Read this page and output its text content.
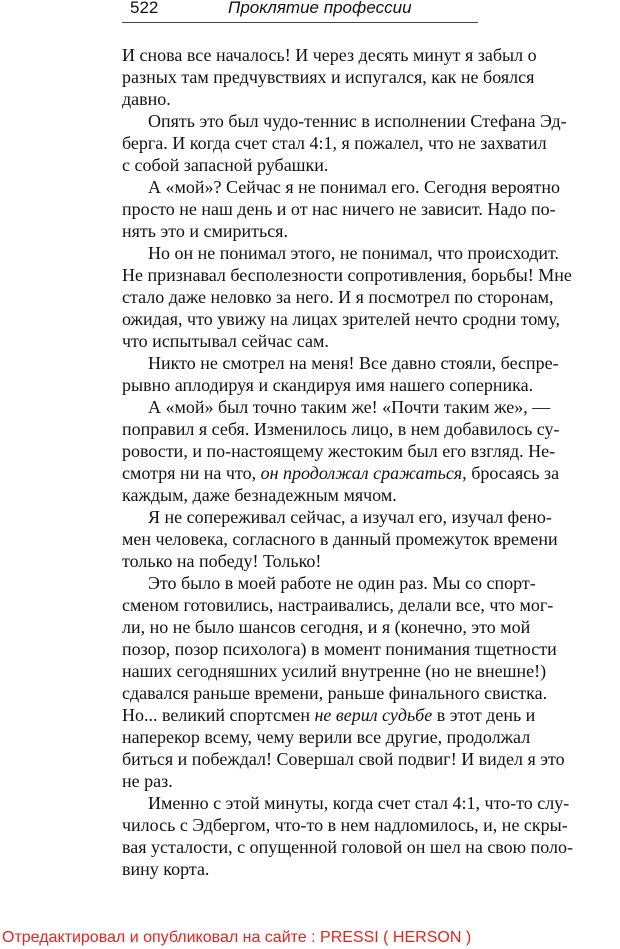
522	Проклятие профессии
И снова все началось! И через десять минут я забыл о
разных там предчувствиях и испугался, как не боялся
давно.
Опять это был чудо-теннис в исполнении Стефана Эд-
берга. И когда счет стал 4:1, я пожалел, что не захватил
с собой запасной рубашки.
А «мой»? Сейчас я не понимал его. Сегодня вероятно
просто не наш день и от нас ничего не зависит. Надо по-
нять это и смириться.
Но он не понимал этого, не понимал, что происходит.
Не признавал бесполезности сопротивления, борьбы! Мне
стало даже неловко за него. И я посмотрел по сторонам,
ожидая, что увижу на лицах зрителей нечто сродни тому,
что испытывал сейчас сам.
Никто не смотрел на меня! Все давно стояли, беспре-
рывно аплодируя и скандируя имя нашего соперника.
А «мой» был точно таким же! «Почти таким же», —
поправил я себя. Изменилось лицо, в нем добавилось су-
ровости, и по-настоящему жестоким был его взгляд. Не-
смотря ни на что, он продолжал сражаться, бросаясь за
каждым, даже безнадежным мячом.
Я не сопереживал сейчас, а изучал его, изучал фено-
мен человека, согласного в данный промежуток времени
только на победу! Только!
Это было в моей работе не один раз. Мы со спорт-
сменом готовились, настраивались, делали все, что мог-
ли, но не было шансов сегодня, и я (конечно, это мой
позор, позор психолога) в момент понимания тщетности
наших сегодняшних усилий внутренне (но не внешне!)
сдавался раньше времени, раньше финального свистка.
Но... великий спортсмен не верил судьбе в этот день и
наперекор всему, чему верили все другие, продолжал
биться и побеждал! Совершал свой подвиг! И видел я это
не раз.
Именно с этой минуты, когда счет стал 4:1, что-то слу-
чилось с Эдбергом, что-то в нем надломилось, и, не скры-
вая усталости, с опущенной головой он шел на свою поло-
вину корта.
Отредактировал и опубликовал на сайте : PRESSI ( HERSON )
